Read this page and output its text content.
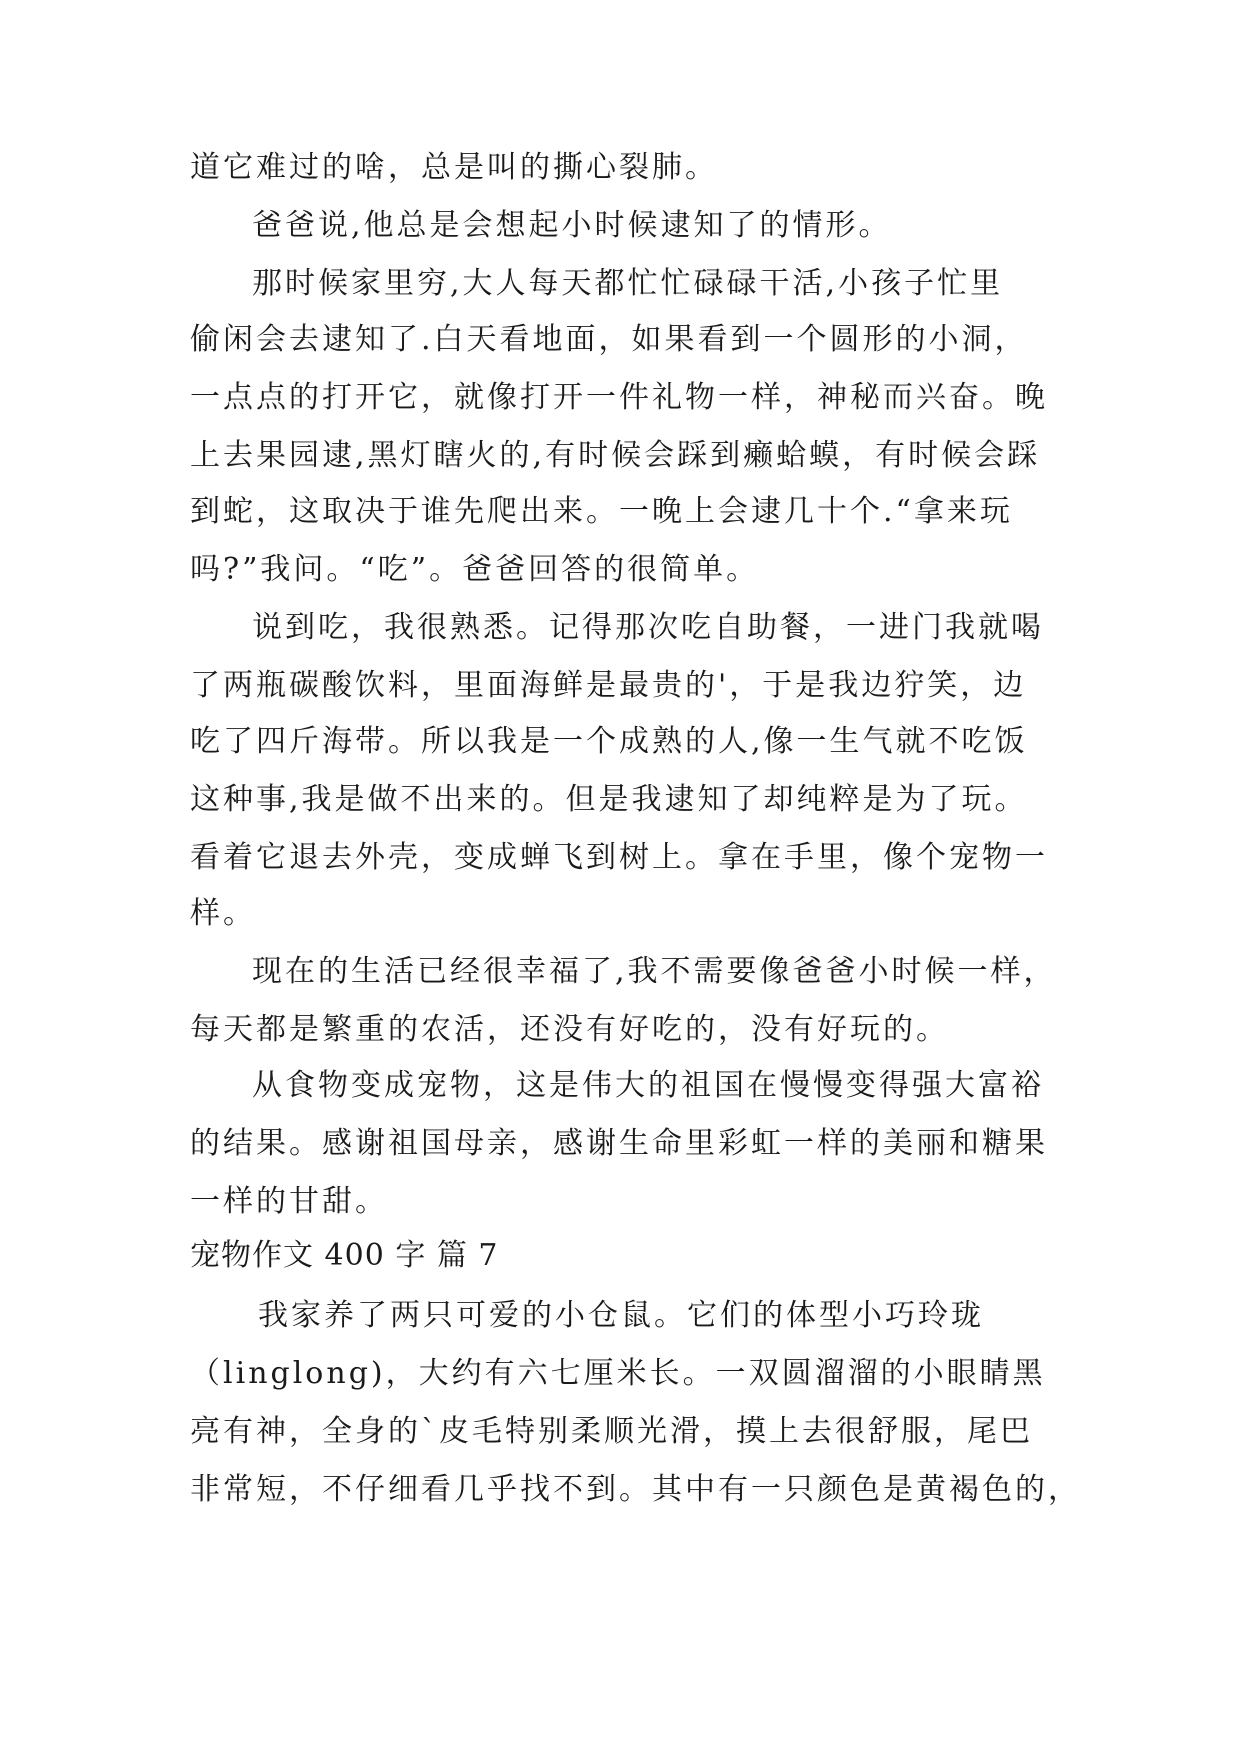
道它难过的啥，总是叫的撕心裂肺。
爸爸说,他总是会想起小时候逮知了的情形。
那时候家里穷,大人每天都忙忙碌碌干活,小孩子忙里
偷闲会去逮知了.白天看地面，如果看到一个圆形的小洞，
一点点的打开它，就像打开一件礼物一样，神秘而兴奋。晚
上去果园逮,黑灯瞎火的,有时候会踩到癞蛤蟆，有时候会踩
到蛇，这取决于谁先爬出来。一晚上会逮几十个.“拿来玩
吗?”我问。“吃”。爸爸回答的很简单。
说到吃，我很熟悉。记得那次吃自助餐，一进门我就喝
了两瓶碳酸饮料，里面海鲜是最贵的'，于是我边狞笑，边
吃了四斤海带。所以我是一个成熟的人,像一生气就不吃饭
这种事,我是做不出来的。但是我逮知了却纯粹是为了玩。
看着它退去外壳，变成蝉飞到树上。拿在手里，像个宠物一
样。
现在的生活已经很幸福了,我不需要像爸爸小时候一样，
每天都是繁重的农活，还没有好吃的，没有好玩的。
从食物变成宠物，这是伟大的祖国在慢慢变得强大富裕
的结果。感谢祖国母亲，感谢生命里彩虹一样的美丽和糖果
一样的甘甜。
宠物作文 400 字 篇 7
我家养了两只可爱的小仓鼠。它们的体型小巧玲珑
（linglong)，大约有六七厘米长。一双圆溜溜的小眼睛黑
亮有神，全身的`皮毛特别柔顺光滑，摸上去很舒服，尾巴
非常短，不仔细看几乎找不到。其中有一只颜色是黄褐色的，
